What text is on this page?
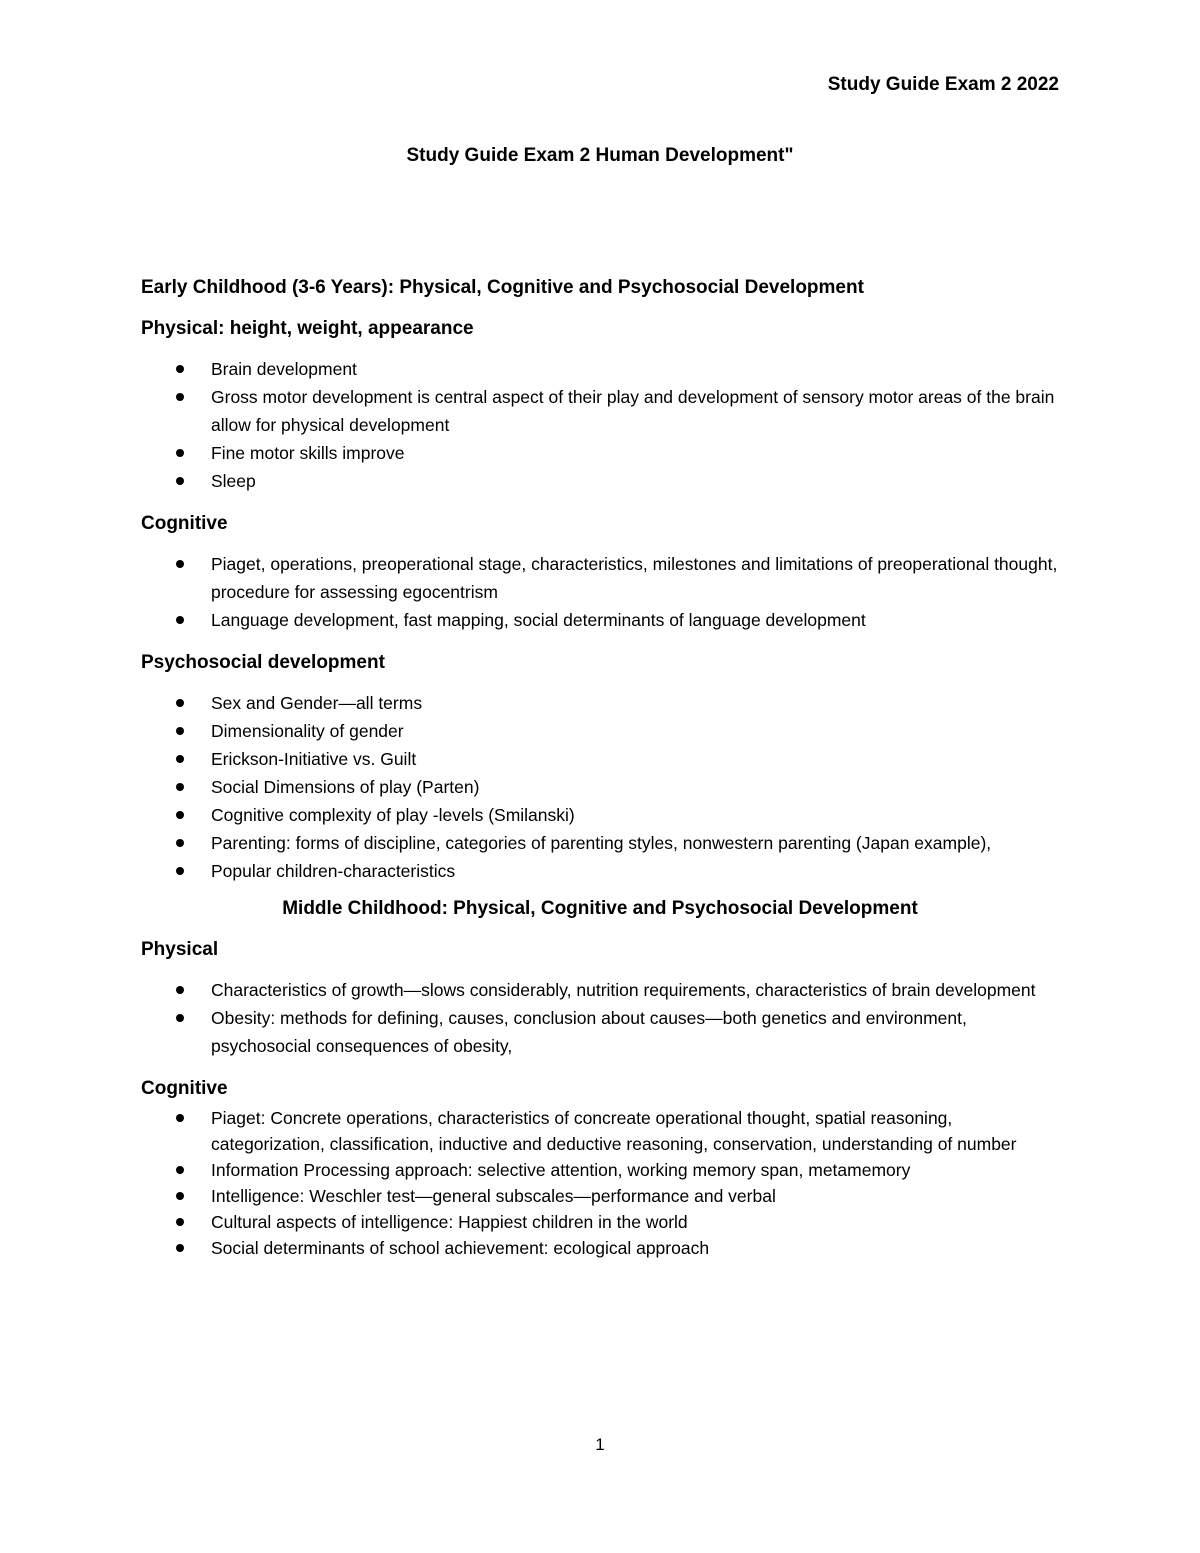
Study Guide Exam 2 2022
Study Guide Exam 2 Human Development"
Early Childhood (3-6 Years): Physical, Cognitive and Psychosocial Development
Physical: height, weight, appearance
Brain development
Gross motor development is central aspect of their play and development of sensory motor areas of the brain allow for physical development
Fine motor skills improve
Sleep
Cognitive
Piaget, operations, preoperational stage, characteristics, milestones and limitations of preoperational thought, procedure for assessing egocentrism
Language development, fast mapping, social determinants of language development
Psychosocial development
Sex and Gender—all terms
Dimensionality of gender
Erickson-Initiative vs. Guilt
Social Dimensions of play (Parten)
Cognitive complexity of play -levels (Smilanski)
Parenting: forms of discipline, categories of parenting styles, nonwestern parenting (Japan example),
Popular children-characteristics
Middle Childhood: Physical, Cognitive and Psychosocial Development
Physical
Characteristics of growth—slows considerably, nutrition requirements, characteristics of brain development
Obesity: methods for defining, causes, conclusion about causes—both genetics and environment, psychosocial consequences of obesity,
Cognitive
Piaget: Concrete operations, characteristics of concreate operational thought, spatial reasoning, categorization, classification, inductive and deductive reasoning, conservation, understanding of number
Information Processing approach: selective attention, working memory span, metamemory
Intelligence: Weschler test—general subscales—performance and verbal
Cultural aspects of intelligence: Happiest children in the world
Social determinants of school achievement: ecological approach
1
